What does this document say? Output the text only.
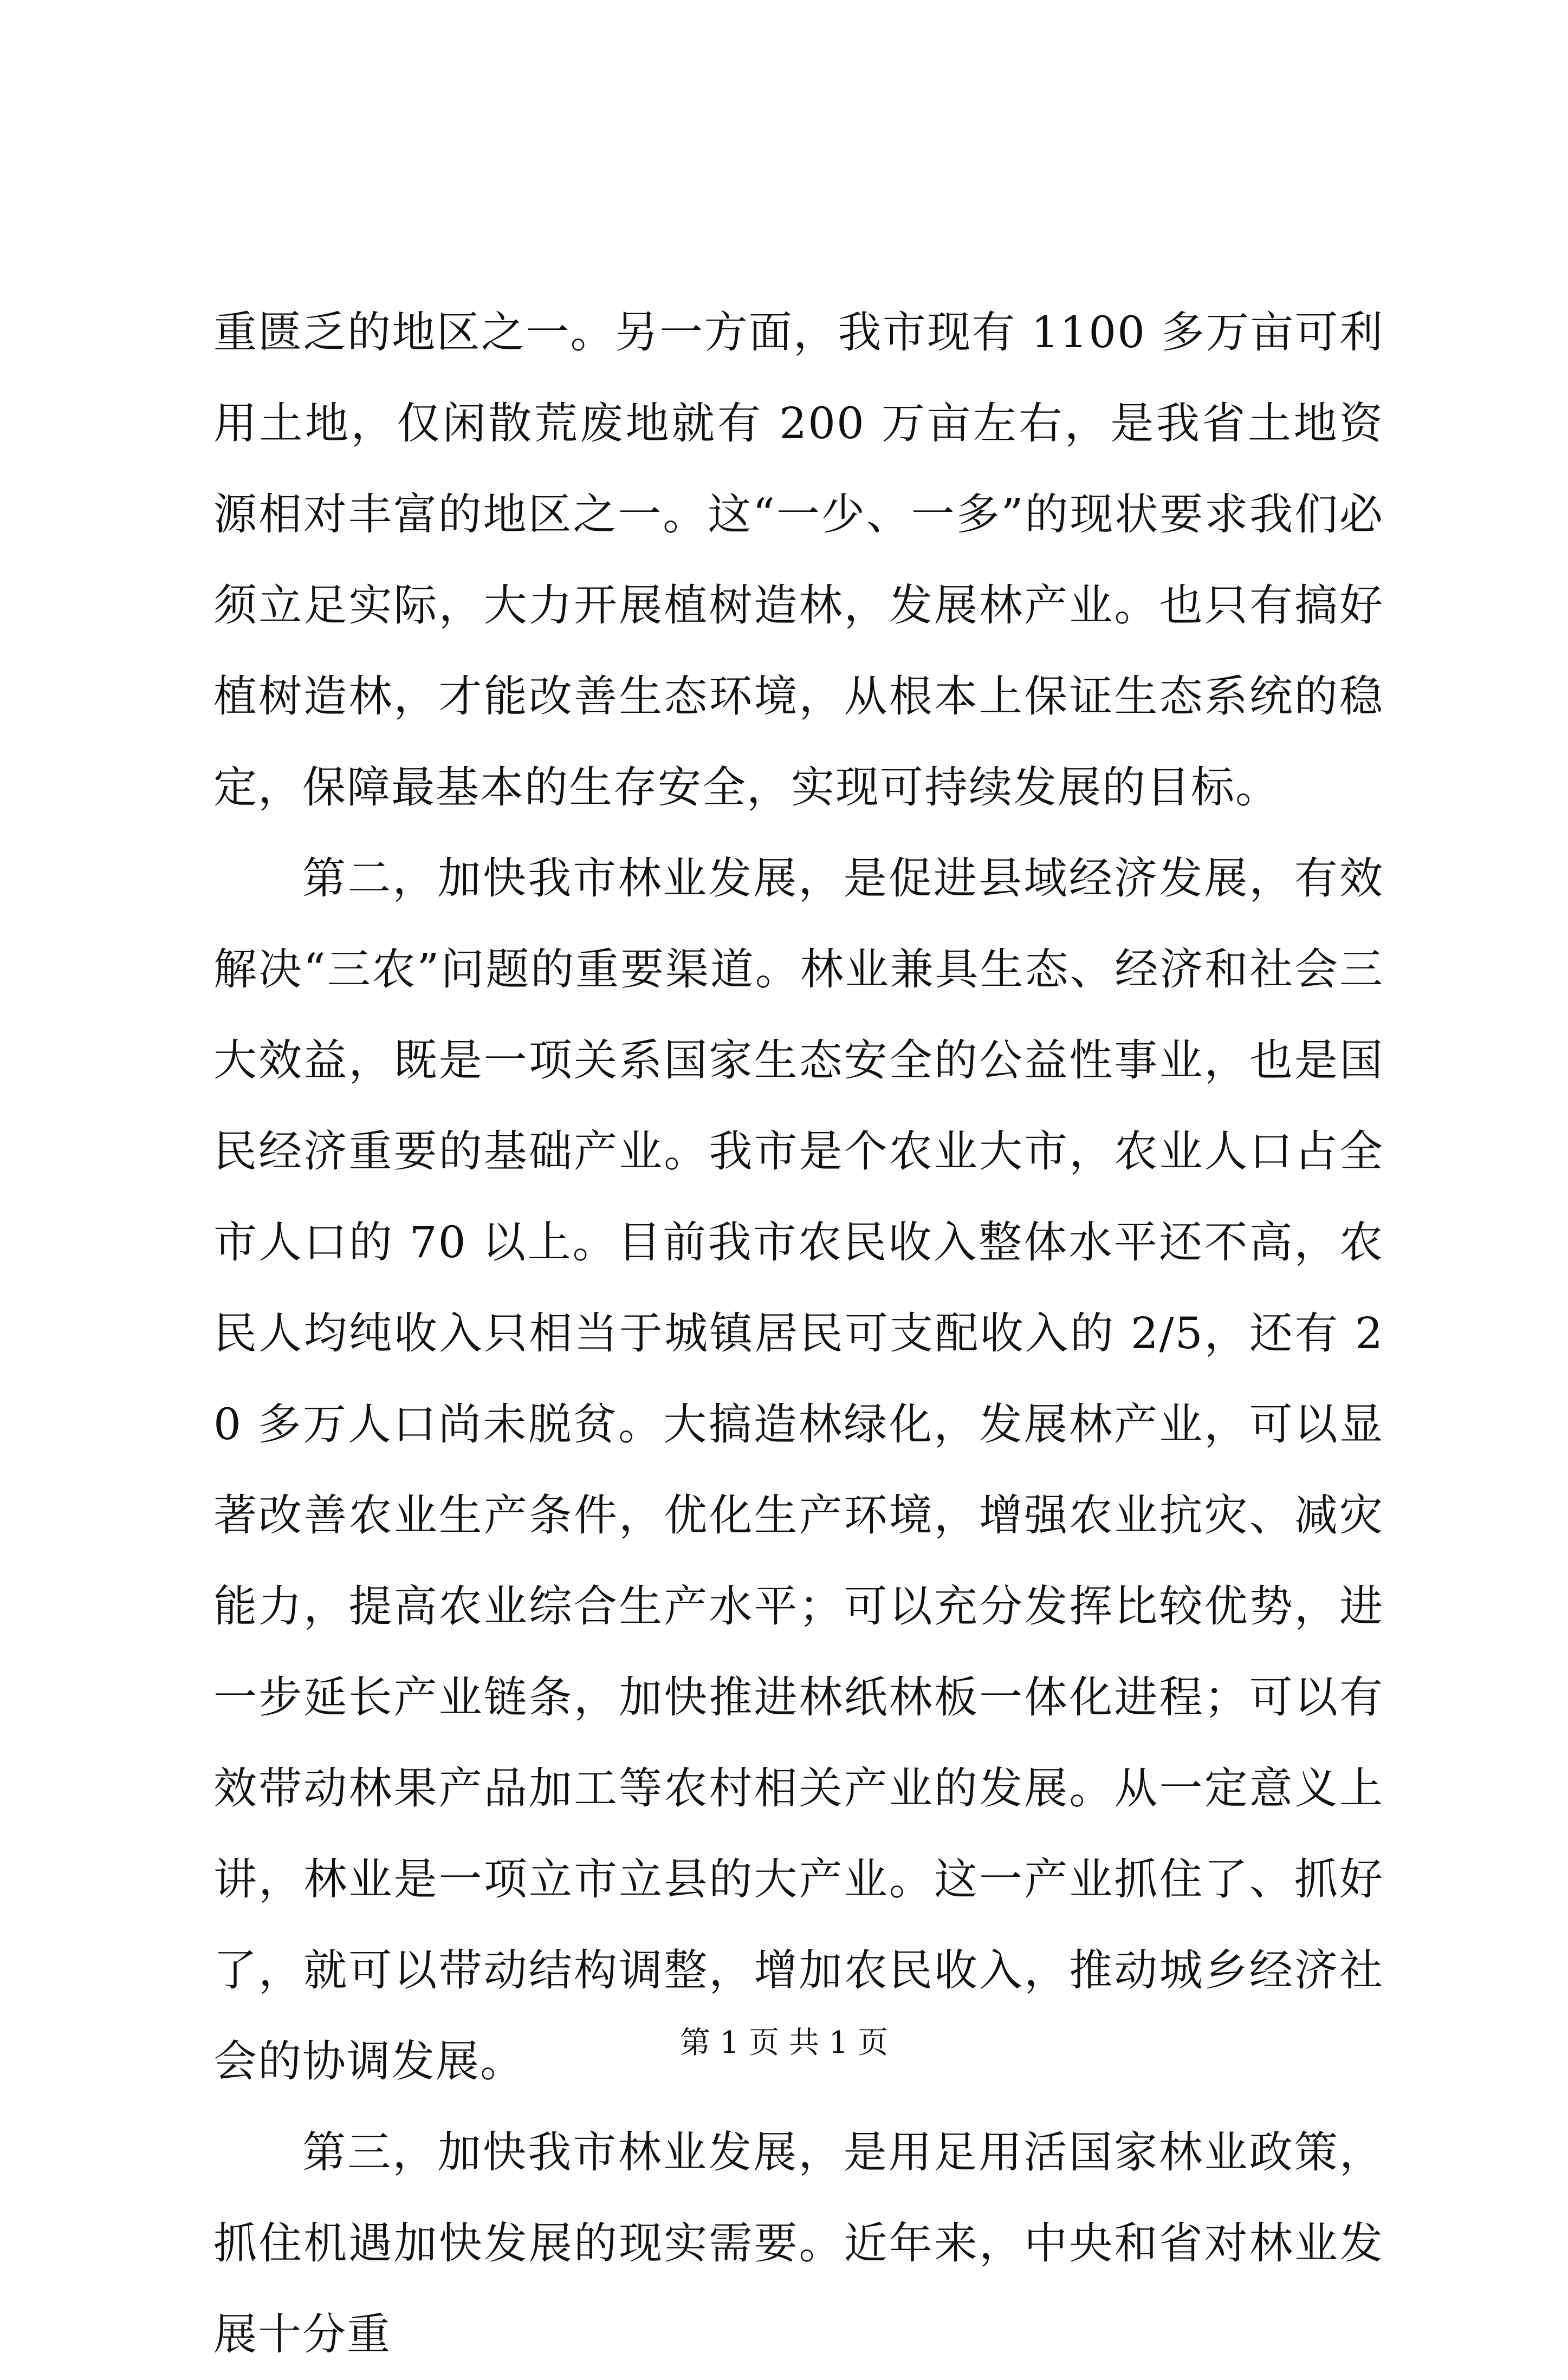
重匮乏的地区之一。另一方面，我市现有 1100 多万亩可利用土地，仅闲散荒废地就有 200 万亩左右，是我省土地资源相对丰富的地区之一。这“一少、一多”的现状要求我们必须立足实际，大力开展植树造林，发展林产业。也只有搞好植树造林，才能改善生态环境，从根本上保证生态系统的稳定，保障最基本的生存安全，实现可持续发展的目标。

第二，加快我市林业发展，是促进县域经济发展，有效解决“三农”问题的重要渠道。林业兼具生态、经济和社会三大效益，既是一项关系国家生态安全的公益性事业，也是国民经济重要的基础产业。我市是个农业大市，农业人口占全市人口的 70 以上。目前我市农民收入整体水平还不高，农民人均纯收入只相当于城镇居民可支配收入的 2/5，还有 20 多万人口尚未脱贫。大搞造林绿化，发展林产业，可以显著改善农业生产条件，优化生产环境，增强农业抗灾、减灾能力，提高农业综合生产水平；可以充分发挥比较优势，进一步延长产业链条，加快推进林纸林板一体化进程；可以有效带动林果产品加工等农村相关产业的发展。从一定意义上讲，林业是一项立市立县的大产业。这一产业抓住了、抓好了，就可以带动结构调整，增加农民收入，推动城乡经济社会的协调发展。

第三，加快我市林业发展，是用足用活国家林业政策，抓住机遇加快发展的现实需要。近年来，中央和省对林业发展十分重

第 1 页 共 1 页
